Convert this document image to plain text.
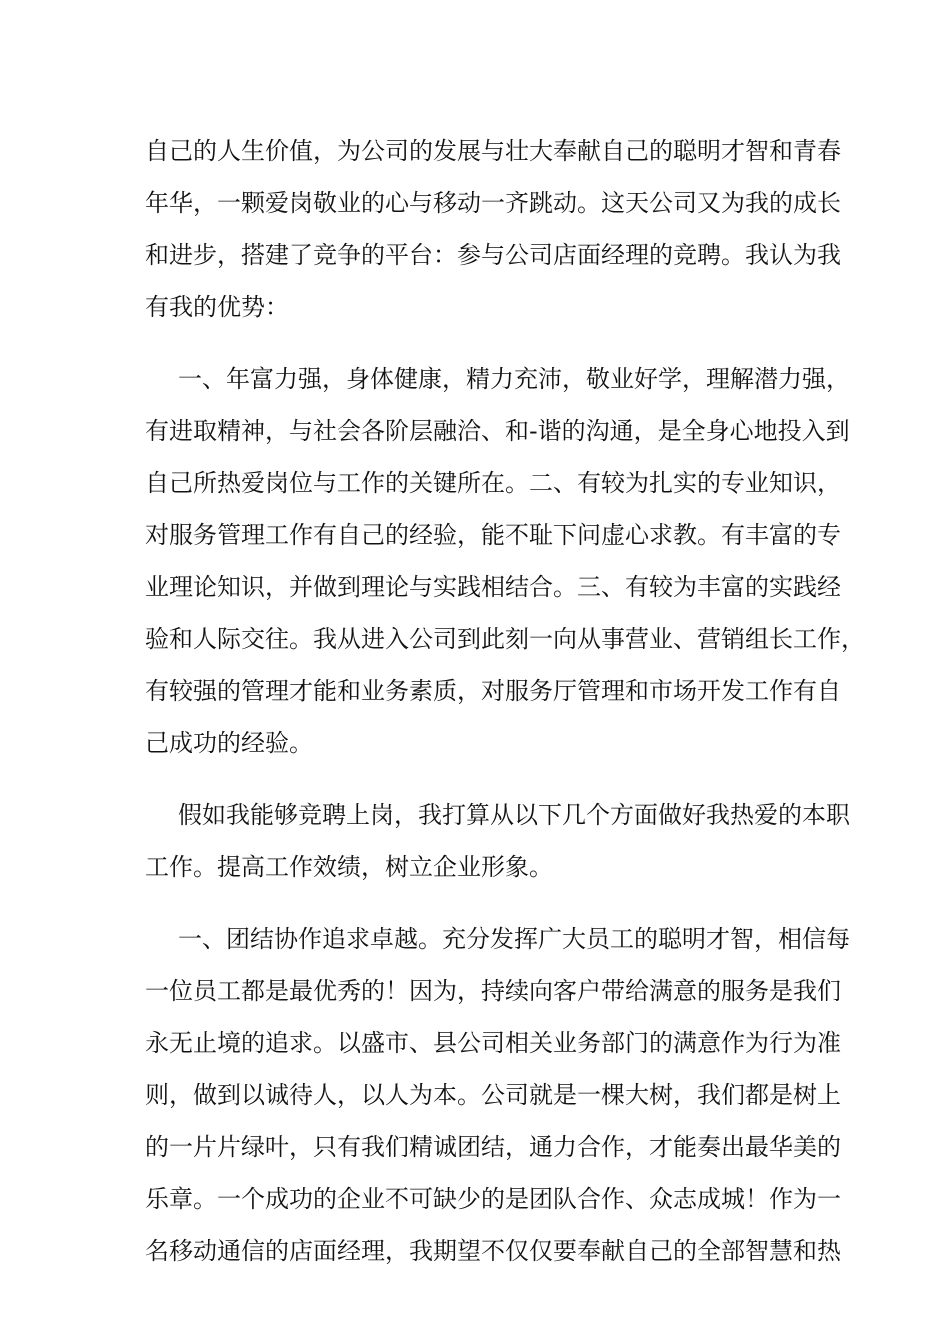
自己的人生价值，为公司的发展与壮大奉献自己的聪明才智和青春
年华，一颗爱岗敬业的心与移动一齐跳动。这天公司又为我的成长
和进步，搭建了竞争的平台：参与公司店面经理的竞聘。我认为我
有我的优势：
一、年富力强，身体健康，精力充沛，敬业好学，理解潜力强，
有进取精神，与社会各阶层融洽、和-谐的沟通，是全身心地投入到
自己所热爱岗位与工作的关键所在。二、有较为扎实的专业知识，
对服务管理工作有自己的经验，能不耻下问虚心求教。有丰富的专
业理论知识，并做到理论与实践相结合。三、有较为丰富的实践经
验和人际交往。我从进入公司到此刻一向从事营业、营销组长工作，
有较强的管理才能和业务素质，对服务厅管理和市场开发工作有自
己成功的经验。
假如我能够竞聘上岗，我打算从以下几个方面做好我热爱的本职
工作。提高工作效绩，树立企业形象。
一、团结协作追求卓越。充分发挥广大员工的聪明才智，相信每
一位员工都是最优秀的！因为，持续向客户带给满意的服务是我们
永无止境的追求。以盛市、县公司相关业务部门的满意作为行为准
则，做到以诚待人，以人为本。公司就是一棵大树，我们都是树上
的一片片绿叶，只有我们精诚团结，通力合作，才能奏出最华美的
乐章。一个成功的企业不可缺少的是团队合作、众志成城！作为一
名移动通信的店面经理，我期望不仅仅要奉献自己的全部智慧和热
